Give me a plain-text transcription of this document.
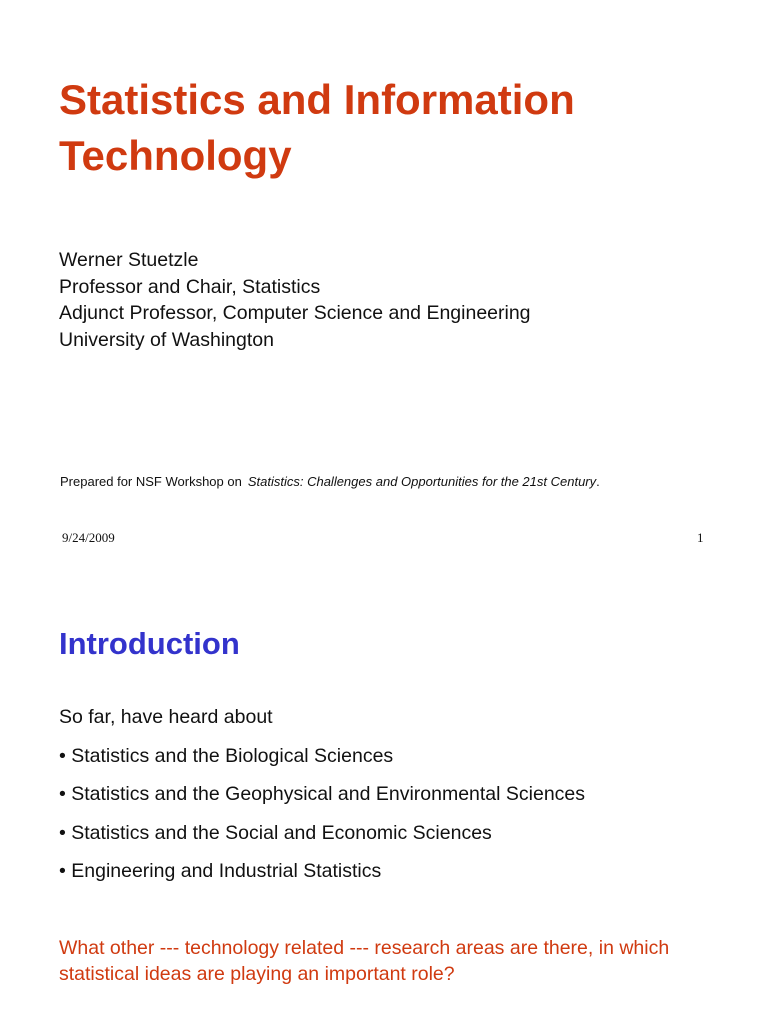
Statistics and Information
Technology
Werner Stuetzle
Professor and Chair, Statistics
Adjunct Professor, Computer Science and Engineering
University of Washington
Prepared for NSF Workshop on Statistics: Challenges and Opportunities for the 21st Century.
9/24/2009	1
Introduction
So far, have heard about
• Statistics and the Biological Sciences
• Statistics and the Geophysical and Environmental Sciences
• Statistics and the Social and Economic Sciences
• Engineering and Industrial Statistics
What other --- technology related --- research areas are there, in which statistical ideas are playing an important role?
